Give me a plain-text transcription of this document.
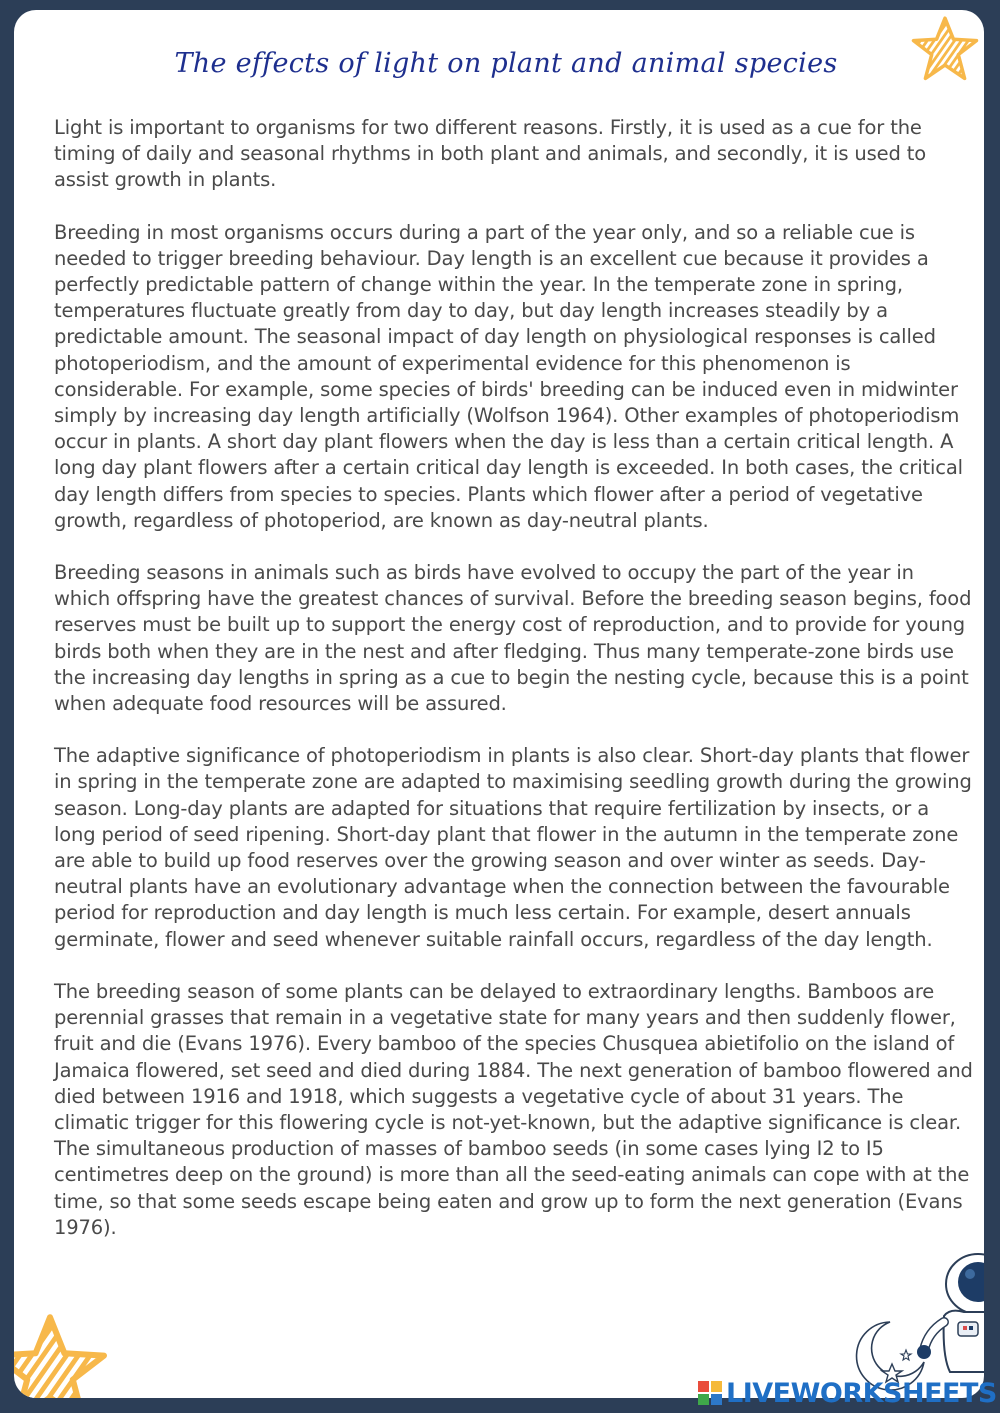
The effects of light on plant and animal species

Light is important to organisms for two different reasons. Firstly, it is used as a cue for the timing of daily and seasonal rhythms in both plant and animals, and secondly, it is used to assist growth in plants.

Breeding in most organisms occurs during a part of the year only, and so a reliable cue is needed to trigger breeding behaviour. Day length is an excellent cue because it provides a perfectly predictable pattern of change within the year. In the temperate zone in spring, temperatures fluctuate greatly from day to day, but day length increases steadily by a predictable amount. The seasonal impact of day length on physiological responses is called photoperiodism, and the amount of experimental evidence for this phenomenon is considerable. For example, some species of birds' breeding can be induced even in midwinter simply by increasing day length artificially (Wolfson 1964). Other examples of photoperiodism occur in plants. A short day plant flowers when the day is less than a certain critical length. A long day plant flowers after a certain critical day length is exceeded. In both cases, the critical day length differs from species to species. Plants which flower after a period of vegetative growth, regardless of photoperiod, are known as day-neutral plants.

Breeding seasons in animals such as birds have evolved to occupy the part of the year in which offspring have the greatest chances of survival. Before the breeding season begins, food reserves must be built up to support the energy cost of reproduction, and to provide for young birds both when they are in the nest and after fledging. Thus many temperate-zone birds use the increasing day lengths in spring as a cue to begin the nesting cycle, because this is a point when adequate food resources will be assured.

The adaptive significance of photoperiodism in plants is also clear. Short-day plants that flower in spring in the temperate zone are adapted to maximising seedling growth during the growing season. Long-day plants are adapted for situations that require fertilization by insects, or a long period of seed ripening. Short-day plant that flower in the autumn in the temperate zone are able to build up food reserves over the growing season and over winter as seeds. Day-neutral plants have an evolutionary advantage when the connection between the favourable period for reproduction and day length is much less certain. For example, desert annuals germinate, flower and seed whenever suitable rainfall occurs, regardless of the day length.

The breeding season of some plants can be delayed to extraordinary lengths. Bamboos are perennial grasses that remain in a vegetative state for many years and then suddenly flower, fruit and die (Evans 1976). Every bamboo of the species Chusquea abietifolio on the island of Jamaica flowered, set seed and died during 1884. The next generation of bamboo flowered and died between 1916 and 1918, which suggests a vegetative cycle of about 31 years. The climatic trigger for this flowering cycle is not-yet-known, but the adaptive significance is clear. The simultaneous production of masses of bamboo seeds (in some cases lying I2 to I5 centimetres deep on the ground) is more than all the seed-eating animals can cope with at the time, so that some seeds escape being eaten and grow up to form the next generation (Evans 1976).

LIVEWORKSHEETS
